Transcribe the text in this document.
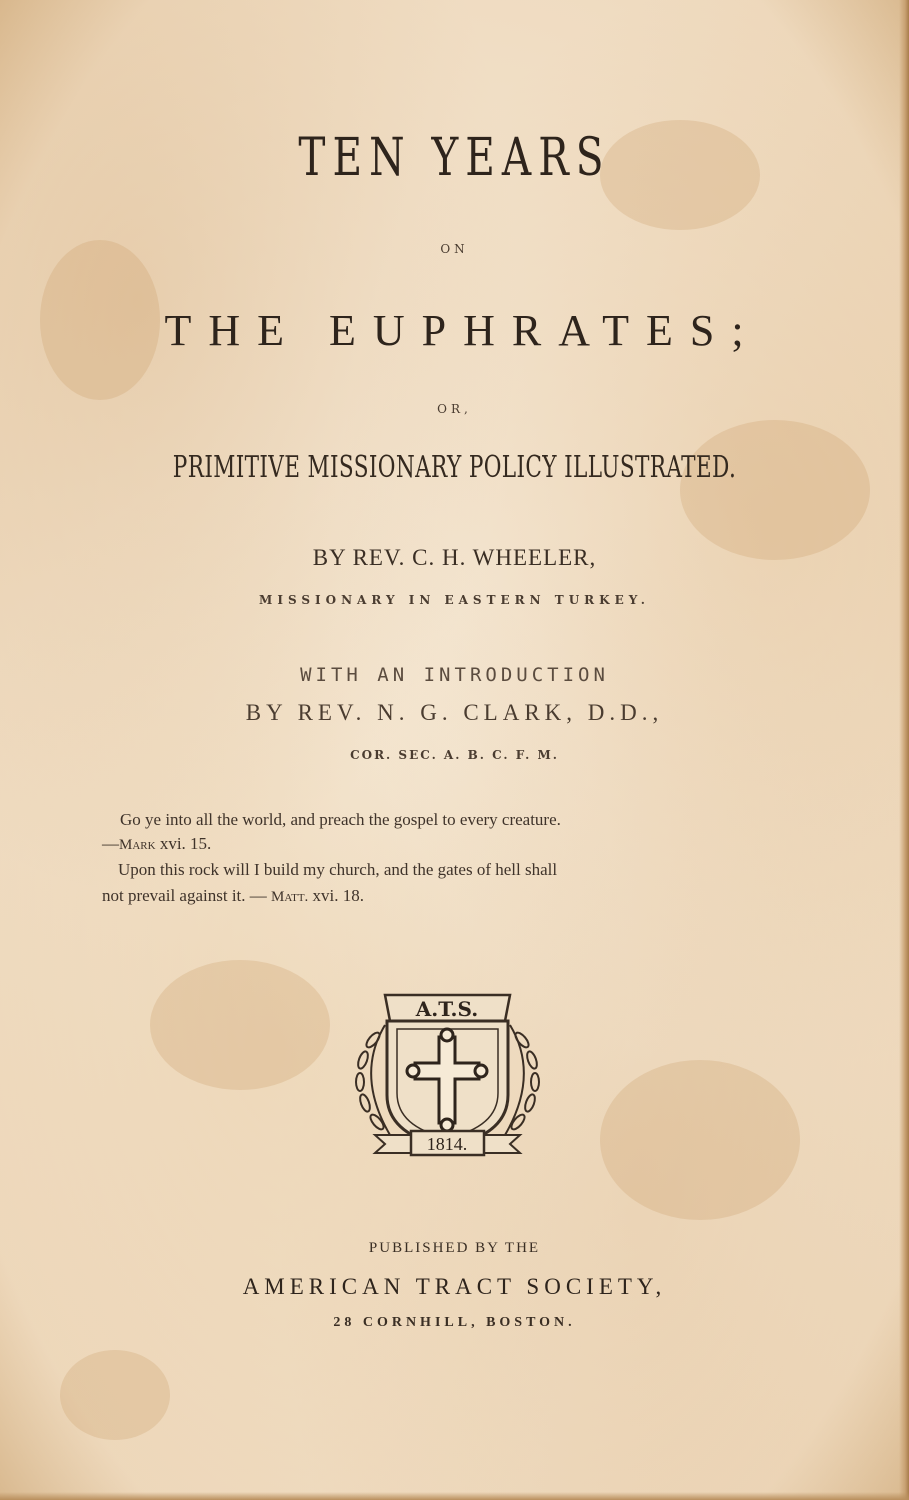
TEN YEARS
ON
THE EUPHRATES;
OR,
PRIMITIVE MISSIONARY POLICY ILLUSTRATED.
BY REV. C. H. WHEELER,
MISSIONARY IN EASTERN TURKEY.
WITH AN INTRODUCTION
BY REV. N. G. CLARK, D.D.,
COR. SEC. A. B. C. F. M.
Go ye into all the world, and preach the gospel to every creature.
—Mark xvi. 15.
Upon this rock will I build my church, and the gates of hell shall
not prevail against it. — Matt. xvi. 18.
A.T.S.
1814.
PUBLISHED BY THE
AMERICAN TRACT SOCIETY,
28 CORNHILL, BOSTON.
